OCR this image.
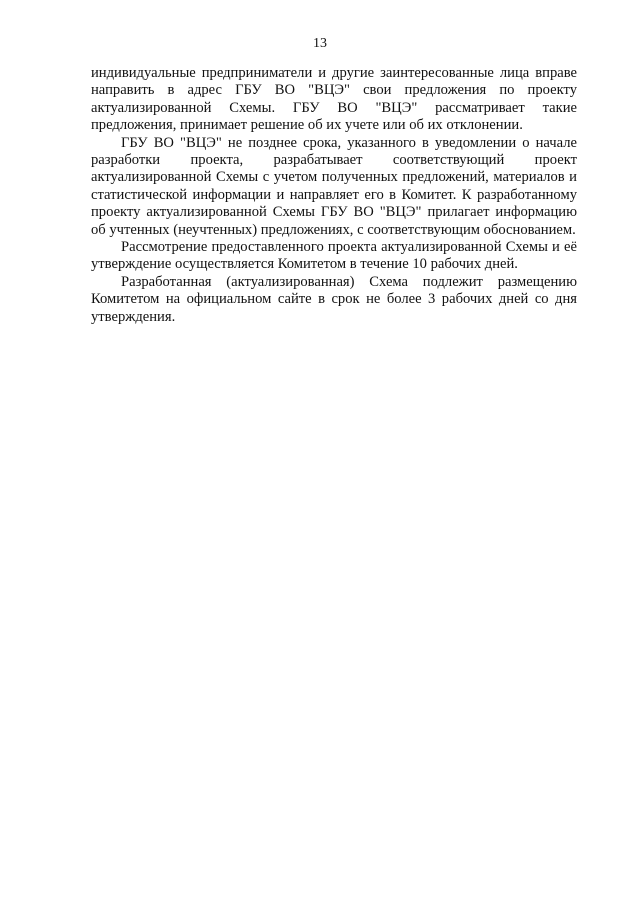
13

индивидуальные предприниматели и другие заинтересованные лица вправе направить в адрес ГБУ ВО "ВЦЭ" свои предложения по проекту актуализированной Схемы. ГБУ ВО "ВЦЭ" рассматривает такие предложения, принимает решение об их учете или об их отклонении.

ГБУ ВО "ВЦЭ" не позднее срока, указанного в уведомлении о начале разработки проекта, разрабатывает соответствующий проект актуализированной Схемы с учетом полученных предложений, материалов и статистической информации и направляет его в Комитет. К разработанному проекту актуализированной Схемы ГБУ ВО "ВЦЭ" прилагает информацию об учтенных (неучтенных) предложениях, с соответствующим обоснованием.

Рассмотрение предоставленного проекта актуализированной Схемы и её утверждение осуществляется Комитетом в течение 10 рабочих дней.

Разработанная (актуализированная) Схема подлежит размещению Комитетом на официальном сайте в срок не более 3 рабочих дней со дня утверждения.
